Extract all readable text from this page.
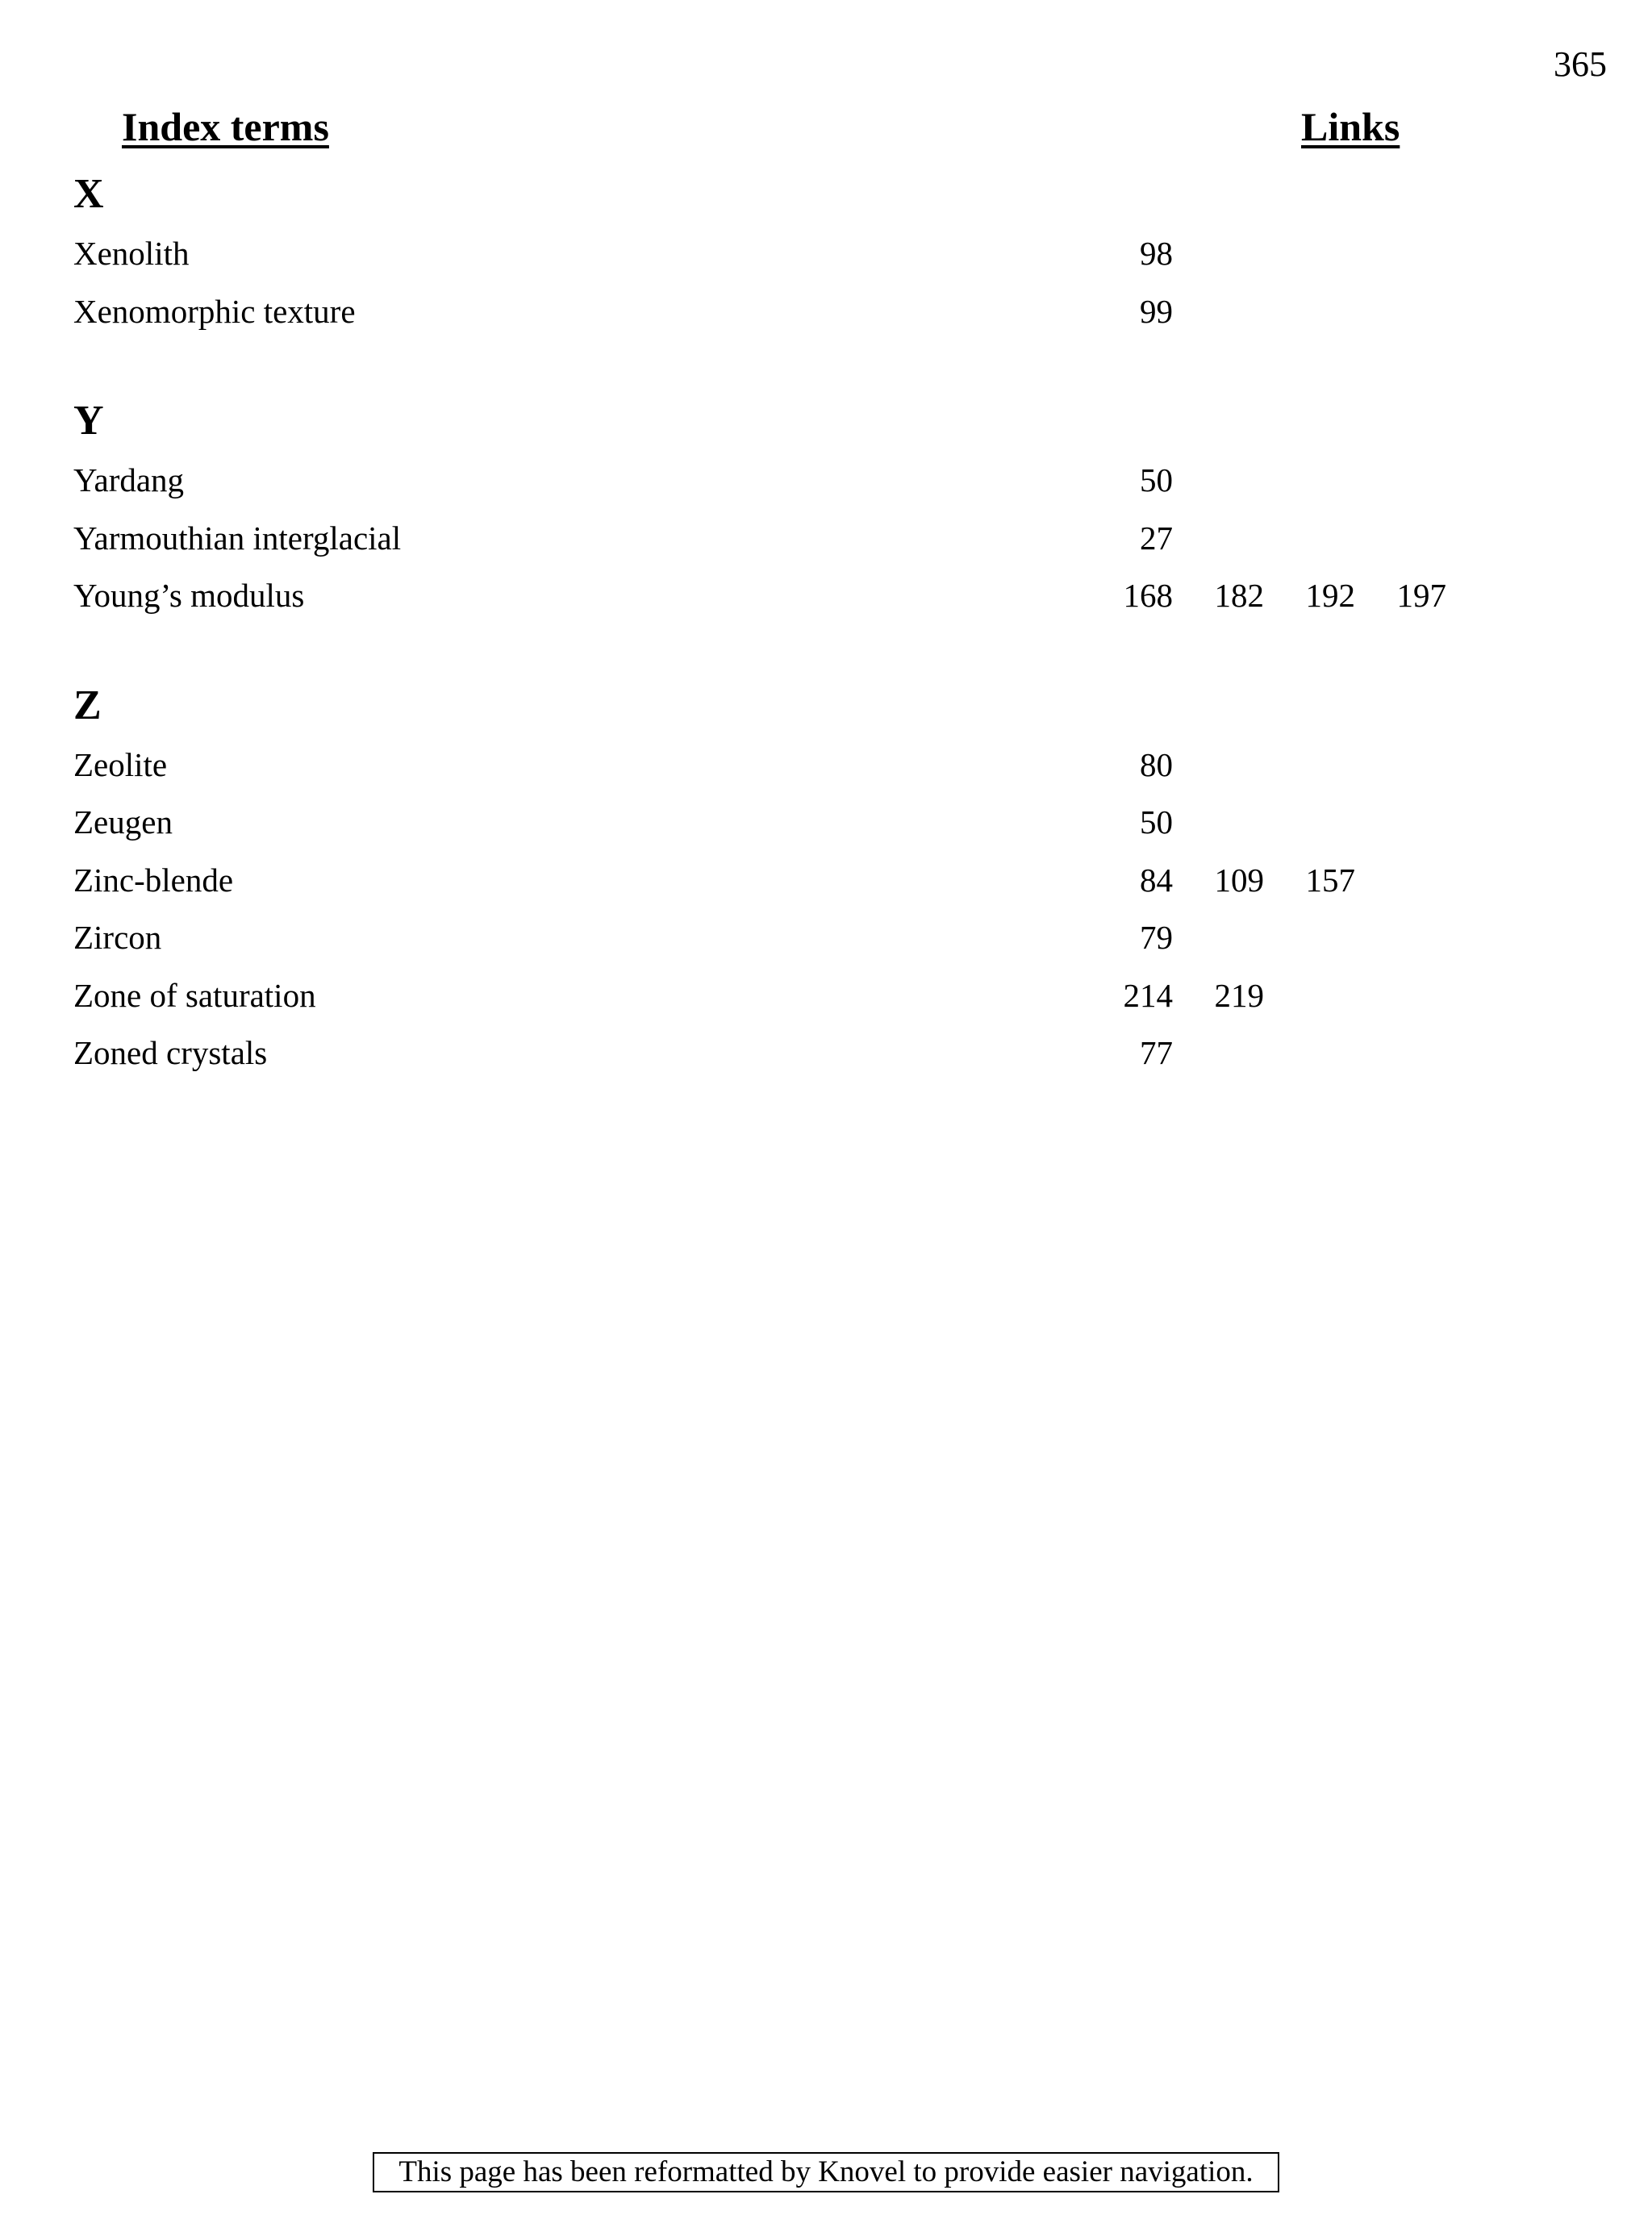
365
Index terms	Links
X
Xenolith	98
Xenomorphic texture	99
Y
Yardang	50
Yarmouthian interglacial	27
Young’s modulus	168	182	192	197
Z
Zeolite	80
Zeugen	50
Zinc-blende	84	109	157
Zircon	79
Zone of saturation	214	219
Zoned crystals	77
This page has been reformatted by Knovel to provide easier navigation.
